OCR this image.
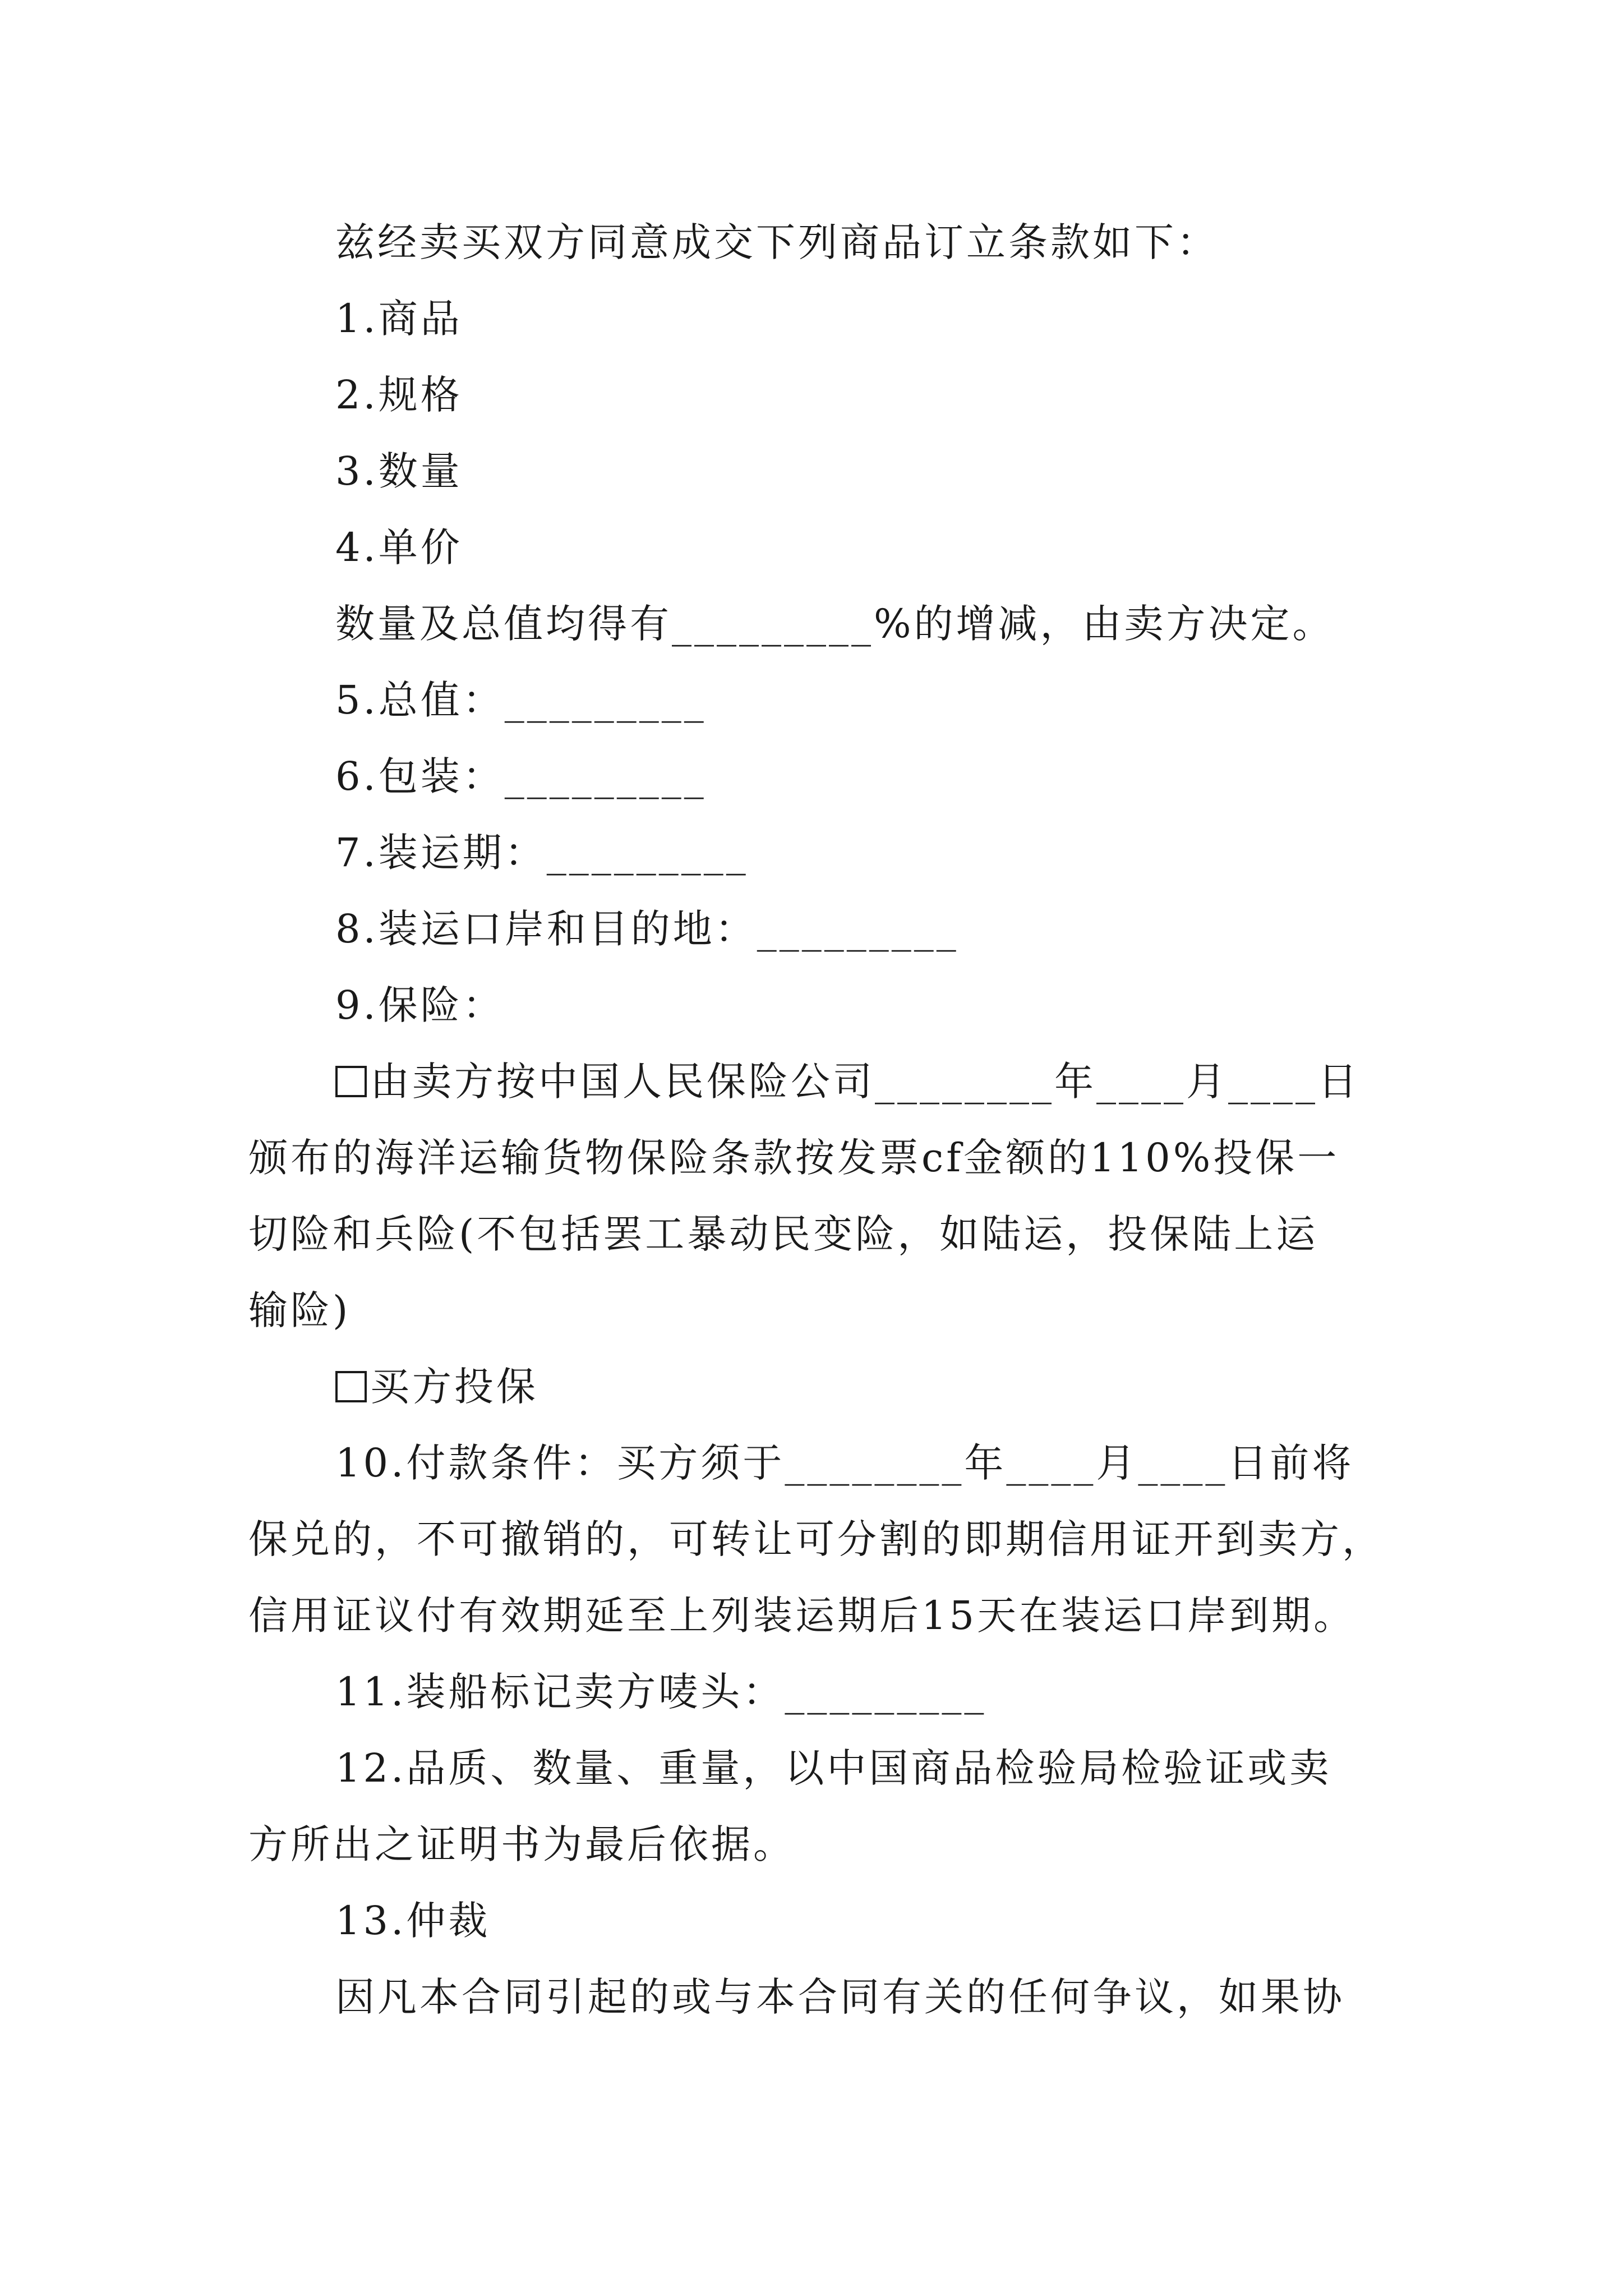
兹经卖买双方同意成交下列商品订立条款如下：
1.商品
2.规格
3.数量
4.单价
数量及总值均得有_________%的增减，由卖方决定。
5.总值：_________
6.包装：_________
7.装运期：_________
8.装运口岸和目的地：_________
9.保险：
由卖方按中国人民保险公司________年____月____日
颁布的海洋运输货物保险条款按发票cf金额的110%投保一
切险和兵险(不包括罢工暴动民变险，如陆运，投保陆上运
输险)
买方投保
10.付款条件：买方须于________年____月____日前将
保兑的，不可撤销的，可转让可分割的即期信用证开到卖方，
信用证议付有效期延至上列装运期后15天在装运口岸到期。
11.装船标记卖方唛头：_________
12.品质、数量、重量，以中国商品检验局检验证或卖
方所出之证明书为最后依据。
13.仲裁
因凡本合同引起的或与本合同有关的任何争议，如果协
